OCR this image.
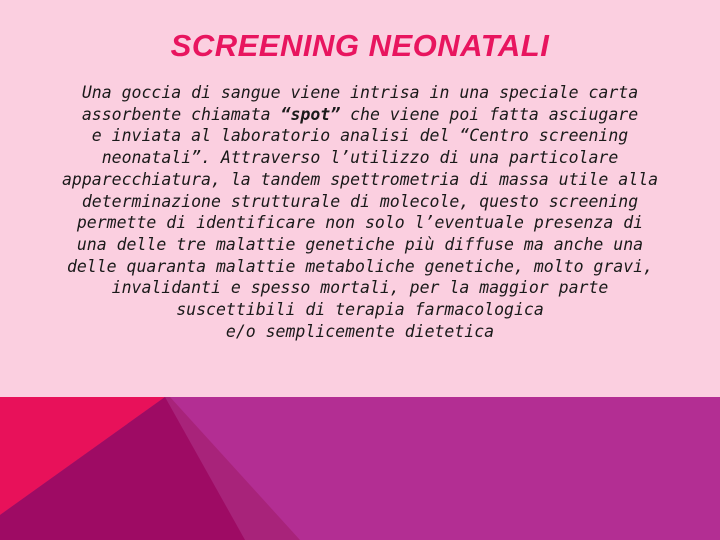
SCREENING NEONATALI
Una goccia di sangue viene intrisa in una speciale carta
assorbente chiamata “spot” che viene poi fatta asciugare
e inviata al laboratorio analisi del “Centro screening
neonatali”. Attraverso l’utilizzo di una particolare
apparecchiatura, la tandem spettrometria di massa utile alla
determinazione strutturale di molecole, questo screening
permette di identificare non solo l’eventuale presenza di
una delle tre malattie genetiche più diffuse ma anche una
delle quaranta malattie metaboliche genetiche, molto gravi,
invalidanti e spesso mortali, per la maggior parte
suscettibili di terapia farmacologica
e/o semplicemente dietetica
